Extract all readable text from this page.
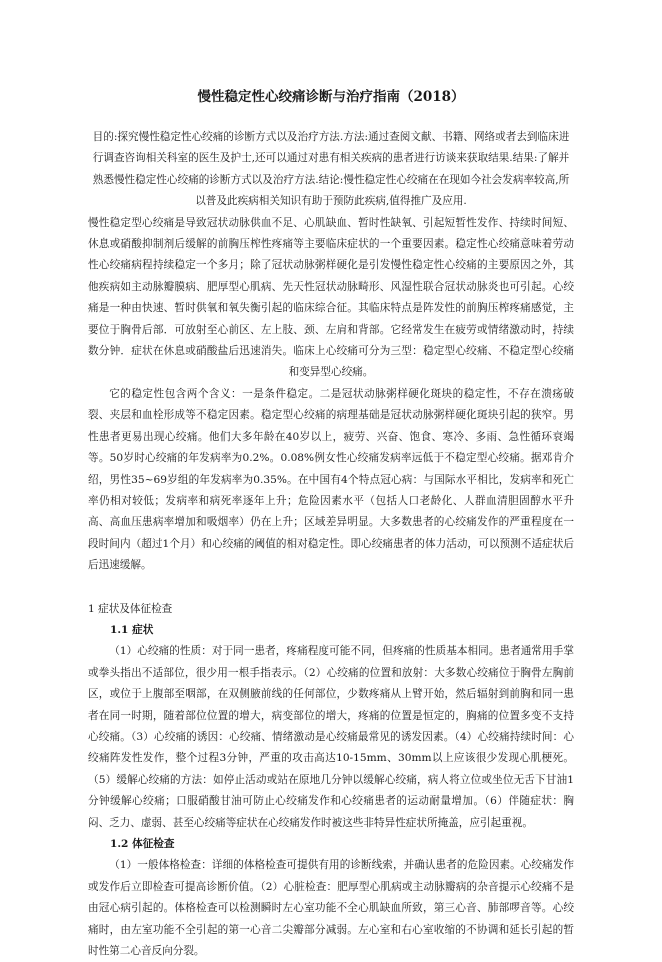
慢性稳定性心绞痛诊断与治疗指南（2018）

目的:探究慢性稳定性心绞痛的诊断方式以及治疗方法.方法:通过查阅文献、书籍、网络或者去到临床进行调查咨询相关科室的医生及护士,还可以通过对患有相关疾病的患者进行访谈来获取结果.结果:了解并熟悉慢性稳定性心绞痛的诊断方式以及治疗方法.结论:慢性稳定性心绞痛在在现如今社会发病率较高,所以普及此疾病相关知识有助于预防此疾病,值得推广及应用.

慢性稳定型心绞痛是导致冠状动脉供血不足、心肌缺血、暂时性缺氧、引起短暂性发作、持续时间短、休息或硝酸抑制剂后缓解的前胸压榨性疼痛等主要临床症状的一个重要因素。稳定性心绞痛意味着劳动性心绞痛病程持续稳定一个多月；除了冠状动脉粥样硬化是引发慢性稳定性心绞痛的主要原因之外，其他疾病如主动脉瓣膜病、肥厚型心肌病、先天性冠状动脉畸形、风湿性联合冠状动脉炎也可引起。心绞痛是一种由快速、暂时供氧和氧失衡引起的临床综合征。其临床特点是阵发性的前胸压榨疼痛感觉，主要位于胸骨后部．可放射至心前区、左上肢、颈、左肩和背部。它经常发生在疲劳或情绪激动时，持续数分钟．症状在休息或硝酸盐后迅速消失。临床上心绞痛可分为三型：稳定型心绞痛、不稳定型心绞痛和变异型心绞痛。

它的稳定性包含两个含义：一是条件稳定。二是冠状动脉粥样硬化斑块的稳定性，不存在溃疡破裂、夹层和血栓形成等不稳定因素。稳定型心绞痛的病理基础是冠状动脉粥样硬化斑块引起的狭窄。男性患者更易出现心绞痛。他们大多年龄在40岁以上，疲劳、兴奋、饱食、寒冷、多雨、急性循环衰竭等。50岁时心绞痛的年发病率为0.2%。0.08%例女性心绞痛发病率远低于不稳定型心绞痛。据邓肯介绍，男性35~69岁组的年发病率为0.35%。在中国有4个特点冠心病：与国际水平相比，发病率和死亡率仍相对较低；发病率和病死率逐年上升；危险因素水平（包括人口老龄化、人群血清胆固醇水平升高、高血压患病率增加和吸烟率）仍在上升；区域差异明显。大多数患者的心绞痛发作的严重程度在一段时间内（超过1个月）和心绞痛的阈值的相对稳定性。即心绞痛患者的体力活动，可以预测不适症状后后迅速缓解。

1 症状及体征检查

1.1 症状

（1）心绞痛的性质：对于同一患者，疼痛程度可能不同，但疼痛的性质基本相同。患者通常用手掌或拳头指出不适部位，很少用一根手指表示。（2）心绞痛的位置和放射：大多数心绞痛位于胸骨左胸前区，或位于上腹部至咽部，在双侧腋前线的任何部位，少数疼痛从上臂开始，然后辐射到前胸和同一患者在同一时期，随着部位位置的增大，病变部位的增大，疼痛的位置是恒定的，胸痛的位置多变不支持心绞痛。（3）心绞痛的诱因：心绞痛、情绪激动是心绞痛最常见的诱发因素。（4）心绞痛持续时间：心绞痛阵发性发作，整个过程3分钟，严重的攻击高达10-15mm、30mm以上应该很少发现心肌梗死。（5）缓解心绞痛的方法：如停止活动或站在原地几分钟以缓解心绞痛，病人将立位或坐位无舌下甘油1分钟缓解心绞痛；口服硝酸甘油可防止心绞痛发作和心绞痛患者的运动耐量增加。（6）伴随症状：胸闷、乏力、虚弱、甚至心绞痛等症状在心绞痛发作时被这些非特异性症状所掩盖，应引起重视。

1.2 体征检查

（1）一般体格检查：详细的体格检查可提供有用的诊断线索，并确认患者的危险因素。心绞痛发作或发作后立即检查可提高诊断价值。（2）心脏检查：肥厚型心肌病或主动脉瓣病的杂音提示心绞痛不是由冠心病引起的。体格检查可以检测瞬时左心室功能不全心肌缺血所致，第三心音、肺部啰音等。心绞痛时，由左室功能不全引起的第一心音二尖瓣部分减弱。左心室和右心室收缩的不协调和延长引起的暂时性第二心音反向分裂。
